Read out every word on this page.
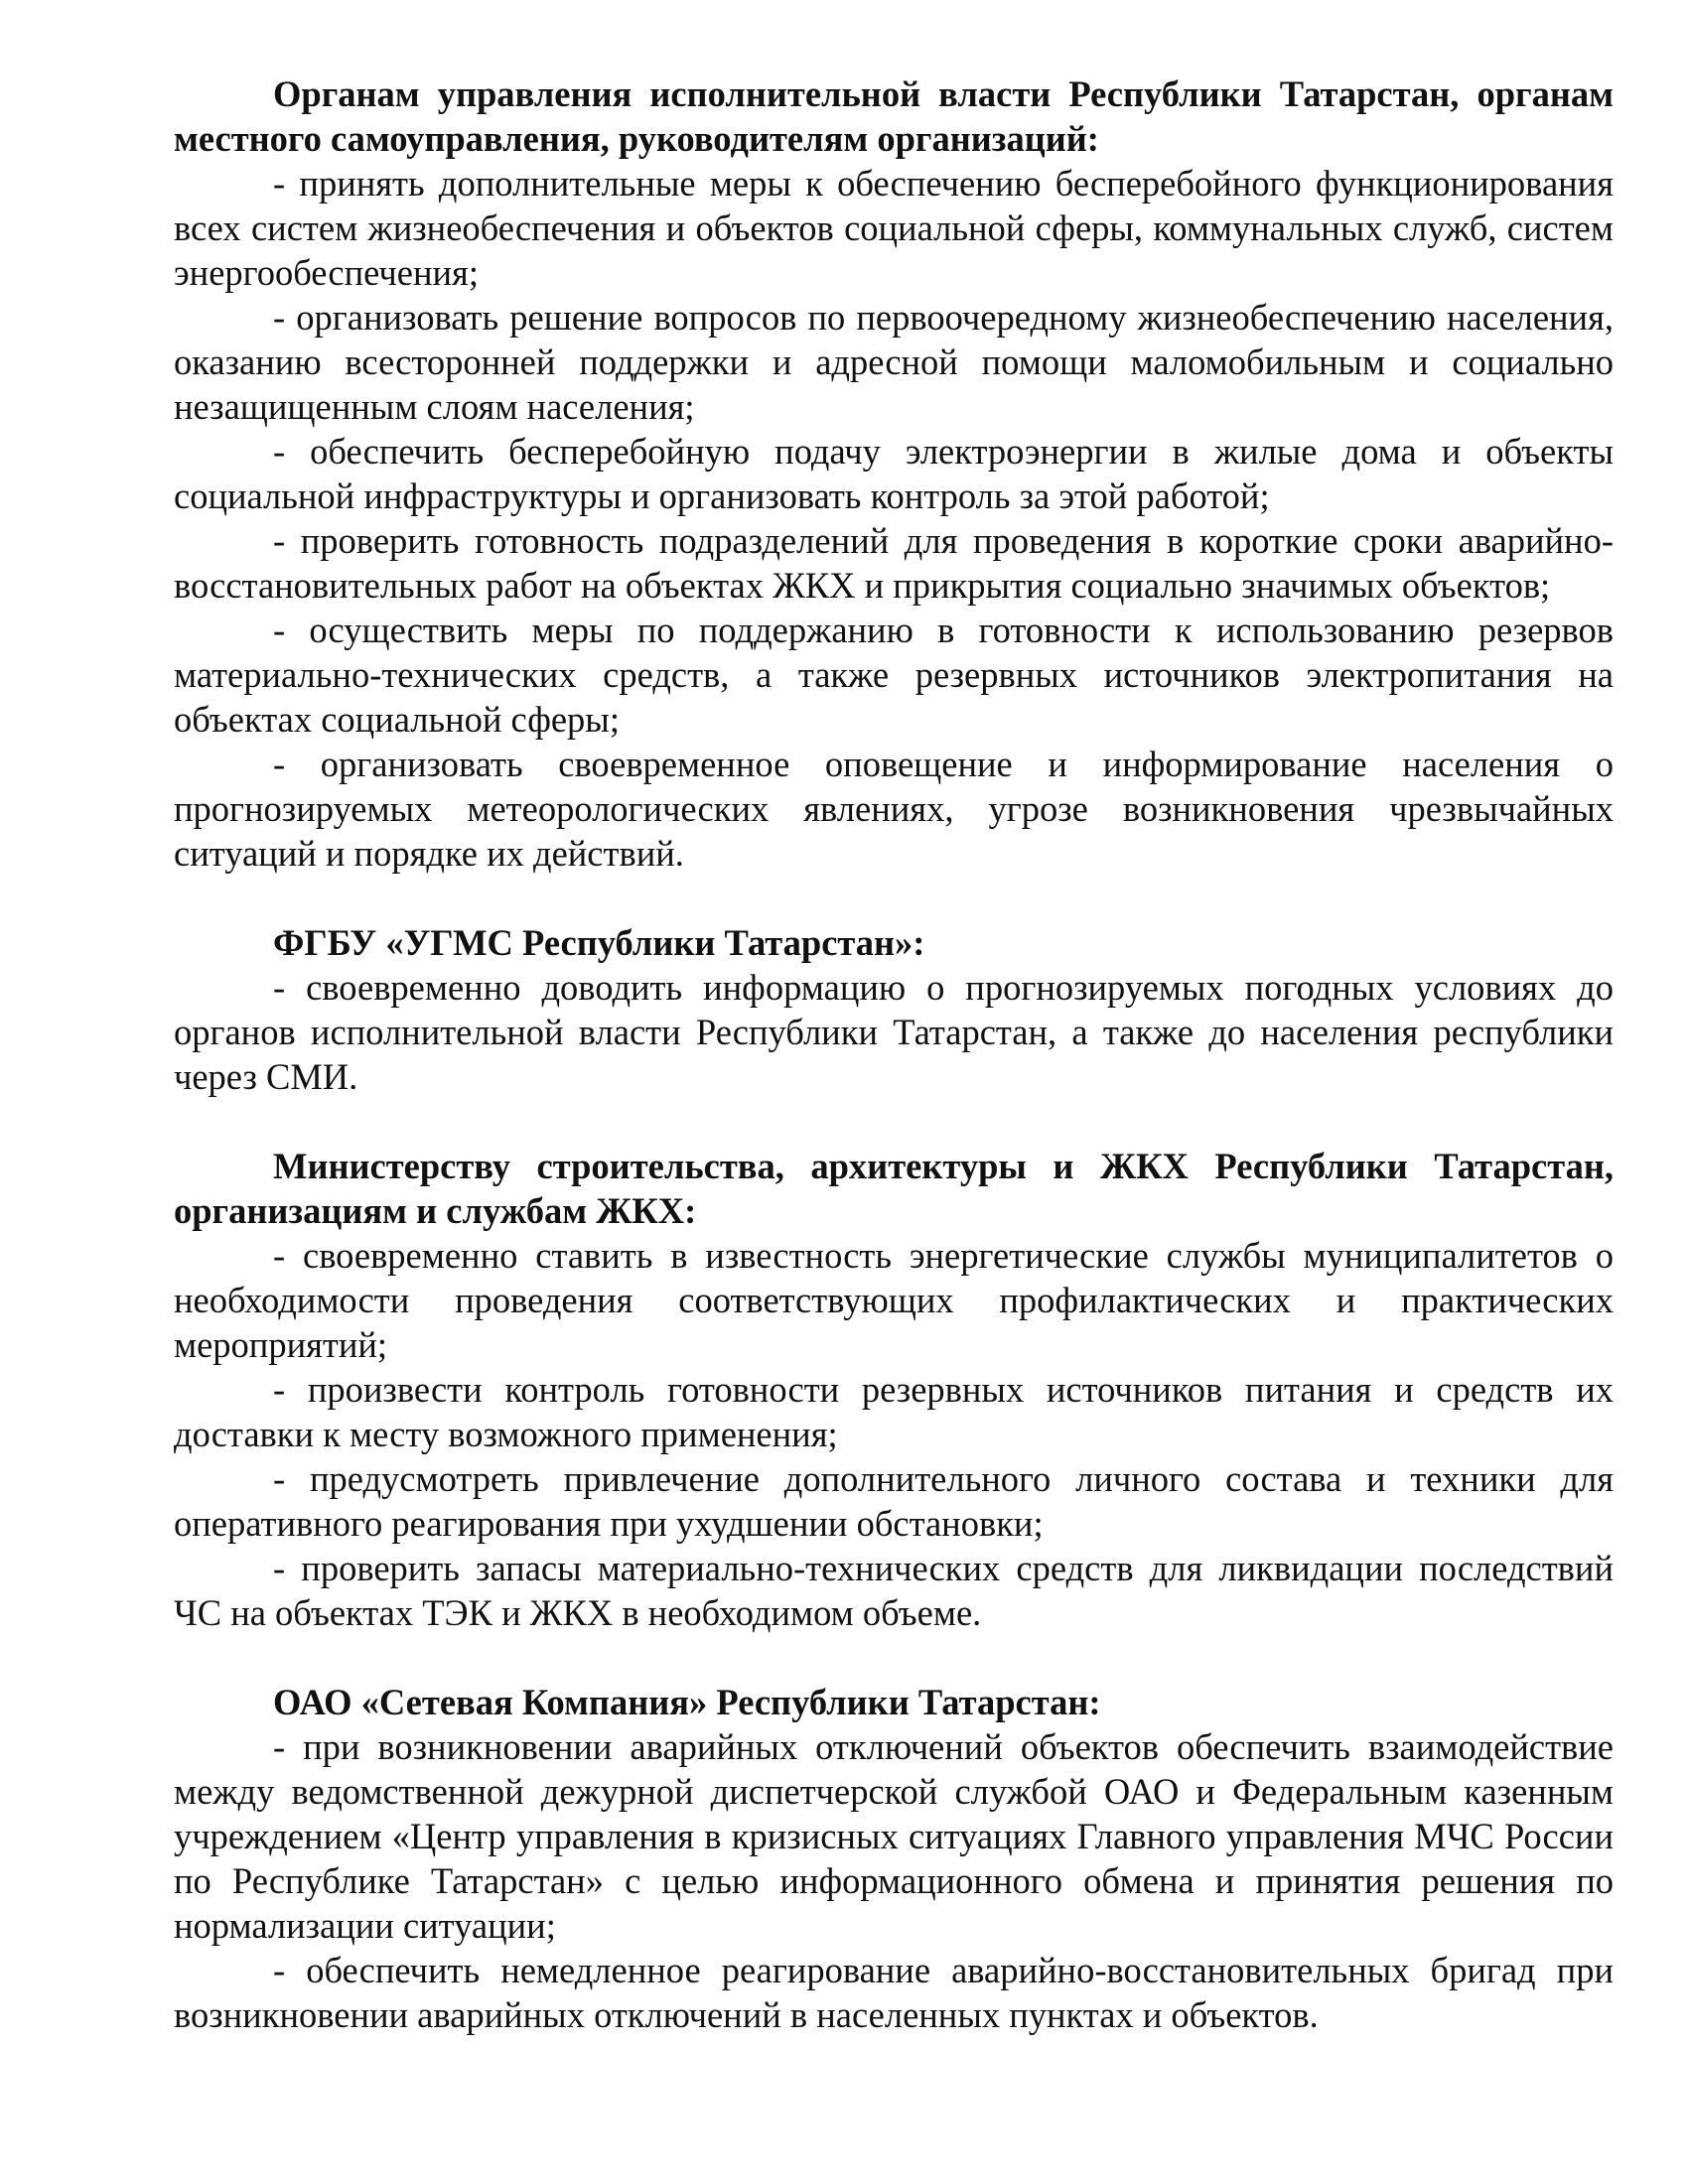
Органам управления исполнительной власти Республики Татарстан, органам местного самоуправления, руководителям организаций:

- принять дополнительные меры к обеспечению бесперебойного функционирования всех систем жизнеобеспечения и объектов социальной сферы, коммунальных служб, систем энергообеспечения;

- организовать решение вопросов по первоочередному жизнеобеспечению населения, оказанию всесторонней поддержки и адресной помощи маломобильным и социально незащищенным слоям населения;

- обеспечить бесперебойную подачу электроэнергии в жилые дома и объекты социальной инфраструктуры и организовать контроль за этой работой;

- проверить готовность подразделений для проведения в короткие сроки аварийно-восстановительных работ на объектах ЖКХ и прикрытия социально значимых объектов;

- осуществить меры по поддержанию в готовности к использованию резервов материально-технических средств, а также резервных источников электропитания на объектах социальной сферы;

- организовать своевременное оповещение и информирование населения о прогнозируемых метеорологических явлениях, угрозе возникновения чрезвычайных ситуаций и порядке их действий.

ФГБУ «УГМС Республики Татарстан»:

- своевременно доводить информацию о прогнозируемых погодных условиях до органов исполнительной власти Республики Татарстан, а также до населения республики через СМИ.

Министерству строительства, архитектуры и ЖКХ Республики Татарстан, организациям и службам ЖКХ:

- своевременно ставить в известность энергетические службы муниципалитетов о необходимости проведения соответствующих профилактических и практических мероприятий;

- произвести контроль готовности резервных источников питания и средств их доставки к месту возможного применения;

- предусмотреть привлечение дополнительного личного состава и техники для оперативного реагирования при ухудшении обстановки;

- проверить запасы материально-технических средств для ликвидации последствий ЧС на объектах ТЭК и ЖКХ в необходимом объеме.

ОАО «Сетевая Компания» Республики Татарстан:

- при возникновении аварийных отключений объектов обеспечить взаимодействие между ведомственной дежурной диспетчерской службой ОАО и Федеральным казенным учреждением «Центр управления в кризисных ситуациях Главного управления МЧС России по Республике Татарстан» с целью информационного обмена и принятия решения по нормализации ситуации;

- обеспечить немедленное реагирование аварийно-восстановительных бригад при возникновении аварийных отключений в населенных пунктах и объектов.
